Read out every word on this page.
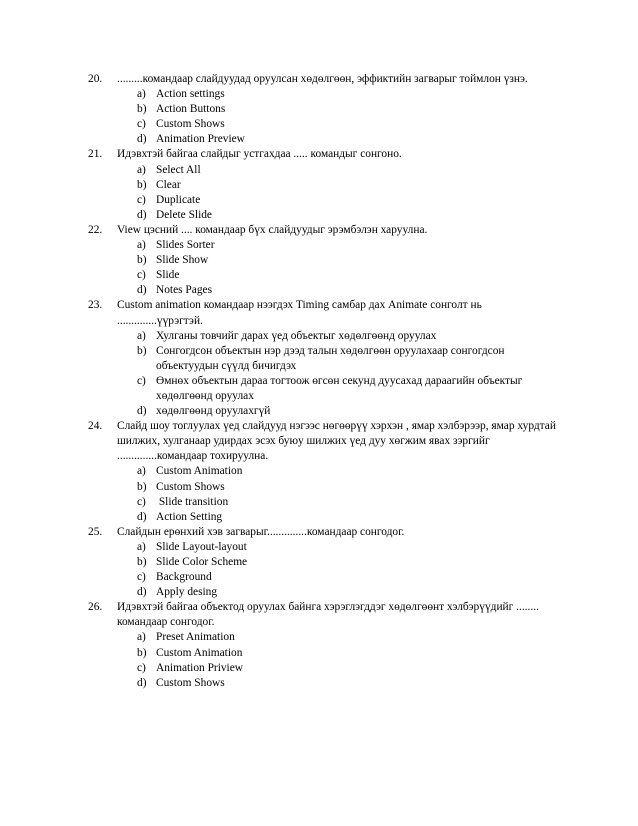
20.	.........командаар слайдуудад оруулсан хөдөлгөөн, эффиктийн загварыг тоймлон үзнэ.
a) Action settings
b) Action Buttons
c) Custom Shows
d) Animation Preview
21.	Идэвхтэй байгаа слайдыг устгахдаа ..... командыг сонгоно.
a) Select All
b) Clear
c) Duplicate
d) Delete Slide
22.	View цэсний .... командаар бүх слайдуудыг эрэмбэлэн харуулна.
a) Slides Sorter
b) Slide Show
c) Slide
d) Notes Pages
23.	Custom animation командаар нээгдэх Timing самбар дах Animate сонголт нь ..............үүрэгтэй.
a) Хулганы товчийг дарах үед объектыг хөдөлгөөнд оруулах
b) Сонгогдсон объектын нэр дээд талын хөдөлгөөн оруулахаар сонгогдсон объектуудын сүүлд бичигдэх
c) Өмнөх объектын дараа тогтоож өгсөн секунд дуусахад дараагийн объектыг хөдөлгөөнд оруулах
d) хөдөлгөөнд оруулахгүй
24.	Слайд шоу тоглуулах үед слайдууд нэгээс нөгөөрүү хэрхэн , ямар хэлбэрээр, ямар хурдтай шилжих, хулганаар удирдах эсэх буюу шилжих үед дуу хөгжим явах зэргийг ..............командаар тохируулна.
a) Custom Animation
b) Custom Shows
c) Slide transition
d) Action Setting
25.	Слайдын ерөнхий хэв загварыг..............командаар сонгодог.
a) Slide Layout-layout
b) Slide Color Scheme
c) Background
d) Apply desing
26.	Идэвхтэй байгаа объектод оруулах байнга хэрэглэгддэг хөдөлгөөнт хэлбэрүүдийг ........ командаар сонгодог.
a) Preset Animation
b) Custom Animation
c) Animation Priview
d) Custom Shows
